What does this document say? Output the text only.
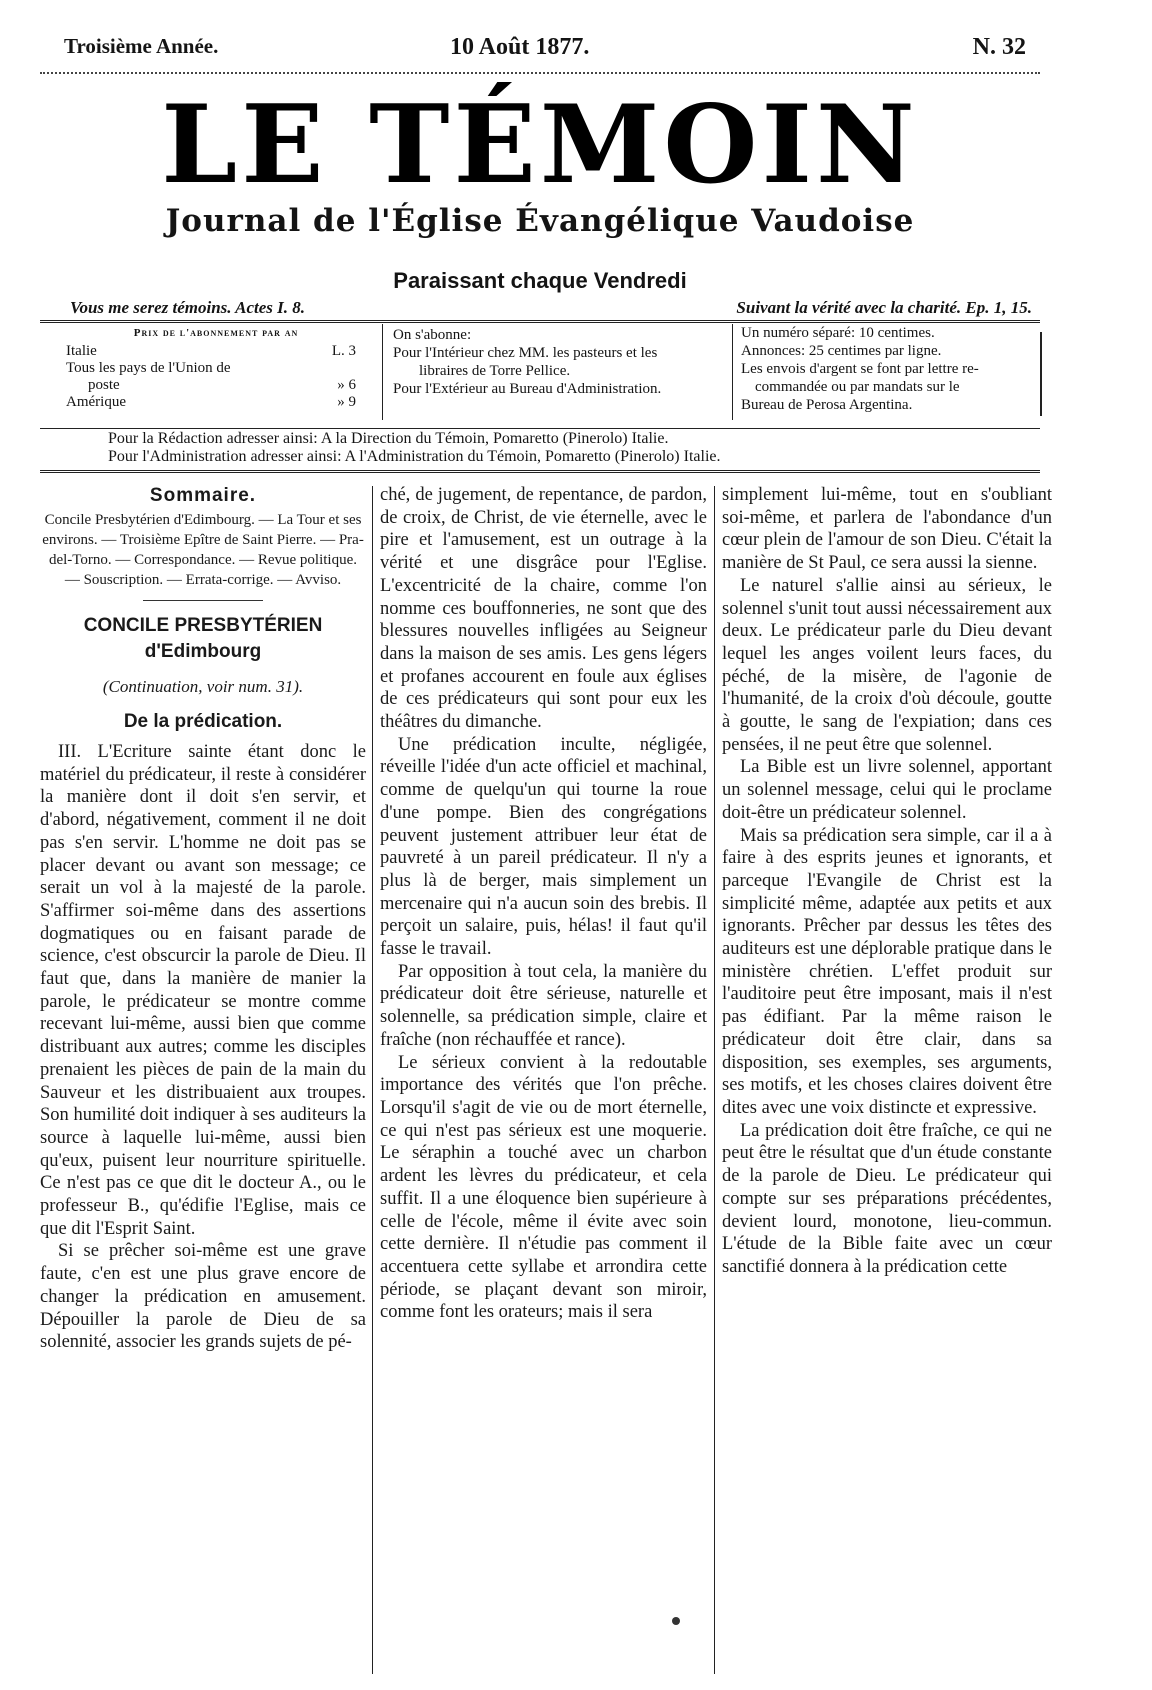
Troisième Année.	10 Août 1877.	N. 32
LE TÉMOIN
Journal de l'Église Évangélique Vaudoise
Paraissant chaque Vendredi
Vous me serez témoins. Actes I. 8.	Suivant la vérité avec la charité. Ep. 1, 15.
Prix de l'abonnement par an
Italie	L. 3
Tous les pays de l'Union de
poste	» 6
Amérique	» 9
On s'abonne:
Pour l'Intérieur chez MM. les pasteurs et les
libraires de Torre Pellice.
Pour l'Extérieur au Bureau d'Administration.
Un numéro séparé: 10 centimes.
Annonces: 25 centimes par ligne.
Les envois d'argent se font par lettre re-
commandée ou par mandats sur le
Bureau de Perosa Argentina.
Pour la Rédaction adresser ainsi: A la Direction du Témoin, Pomaretto (Pinerolo) Italie.
Pour l'Administration adresser ainsi: A l'Administration du Témoin, Pomaretto (Pinerolo) Italie.
Sommaire.
Concile Presbytérien d'Edimbourg. — La Tour et ses environs. — Troisième Epître de Saint Pierre. — Pra-del-Torno. — Correspondance. — Revue politique. — Souscription. — Errata-corrige. — Avviso.
CONCILE PRESBYTÉRIEN
d'Edimbourg
(Continuation, voir num. 31).
De la prédication.

III. L'Ecriture sainte étant donc le matériel du prédicateur, il reste à considérer la manière dont il doit s'en servir, et d'abord, négativement, comment il ne doit pas s'en servir. L'homme ne doit pas se placer devant ou avant son message; ce serait un vol à la majesté de la parole. S'affirmer soi-même dans des assertions dogmatiques ou en faisant parade de science, c'est obscurcir la parole de Dieu. Il faut que, dans la manière de manier la parole, le prédicateur se montre comme recevant lui-même, aussi bien que comme distribuant aux autres; comme les disciples prenaient les pièces de pain de la main du Sauveur et les distribuaient aux troupes. Son humilité doit indiquer à ses auditeurs la source à laquelle lui-même, aussi bien qu'eux, puisent leur nourriture spirituelle. Ce n'est pas ce que dit le docteur A., ou le professeur B., qu'édifie l'Eglise, mais ce que dit l'Esprit Saint.

Si se prêcher soi-même est une grave faute, c'en est une plus grave encore de changer la prédication en amusement. Dépouiller la parole de Dieu de sa solennité, associer les grands sujets de pé-

ché, de jugement, de repentance, de pardon, de croix, de Christ, de vie éternelle, avec le pire et l'amusement, est un outrage à la vérité et une disgrâce pour l'Eglise. L'excentricité de la chaire, comme l'on nomme ces bouffonneries, ne sont que des blessures nouvelles infligées au Seigneur dans la maison de ses amis. Les gens légers et profanes accourent en foule aux églises de ces prédicateurs qui sont pour eux les théâtres du dimanche.

Une prédication inculte, négligée, réveille l'idée d'un acte officiel et machinal, comme de quelqu'un qui tourne la roue d'une pompe. Bien des congrégations peuvent justement attribuer leur état de pauvreté à un pareil prédicateur. Il n'y a plus là de berger, mais simplement un mercenaire qui n'a aucun soin des brebis. Il perçoit un salaire, puis, hélas! il faut qu'il fasse le travail.

Par opposition à tout cela, la manière du prédicateur doit être sérieuse, naturelle et solennelle, sa prédication simple, claire et fraîche (non réchauffée et rance).

Le sérieux convient à la redoutable importance des vérités que l'on prêche. Lorsqu'il s'agit de vie ou de mort éternelle, ce qui n'est pas sérieux est une moquerie. Le séraphin a touché avec un charbon ardent les lèvres du prédicateur, et cela suffit. Il a une éloquence bien supérieure à celle de l'école, même il évite avec soin cette dernière. Il n'étudie pas comment il accentuera cette syllabe et arrondira cette période, se plaçant devant son miroir, comme font les orateurs; mais il sera

simplement lui-même, tout en s'oubliant soi-même, et parlera de l'abondance d'un cœur plein de l'amour de son Dieu. C'était la manière de St Paul, ce sera aussi la sienne.

Le naturel s'allie ainsi au sérieux, le solennel s'unit tout aussi nécessairement aux deux. Le prédicateur parle du Dieu devant lequel les anges voilent leurs faces, du péché, de la misère, de l'agonie de l'humanité, de la croix d'où découle, goutte à goutte, le sang de l'expiation; dans ces pensées, il ne peut être que solennel.

La Bible est un livre solennel, apportant un solennel message, celui qui le proclame doit-être un prédicateur solennel.

Mais sa prédication sera simple, car il a à faire à des esprits jeunes et ignorants, et parceque l'Evangile de Christ est la simplicité même, adaptée aux petits et aux ignorants. Prêcher par dessus les têtes des auditeurs est une déplorable pratique dans le ministère chrétien. L'effet produit sur l'auditoire peut être imposant, mais il n'est pas édifiant. Par la même raison le prédicateur doit être clair, dans sa disposition, ses exemples, ses arguments, ses motifs, et les choses claires doivent être dites avec une voix distincte et expressive.

La prédication doit être fraîche, ce qui ne peut être le résultat que d'un étude constante de la parole de Dieu. Le prédicateur qui compte sur ses préparations précédentes, devient lourd, monotone, lieu-commun. L'étude de la Bible faite avec un cœur sanctifié donnera à la prédication cette
